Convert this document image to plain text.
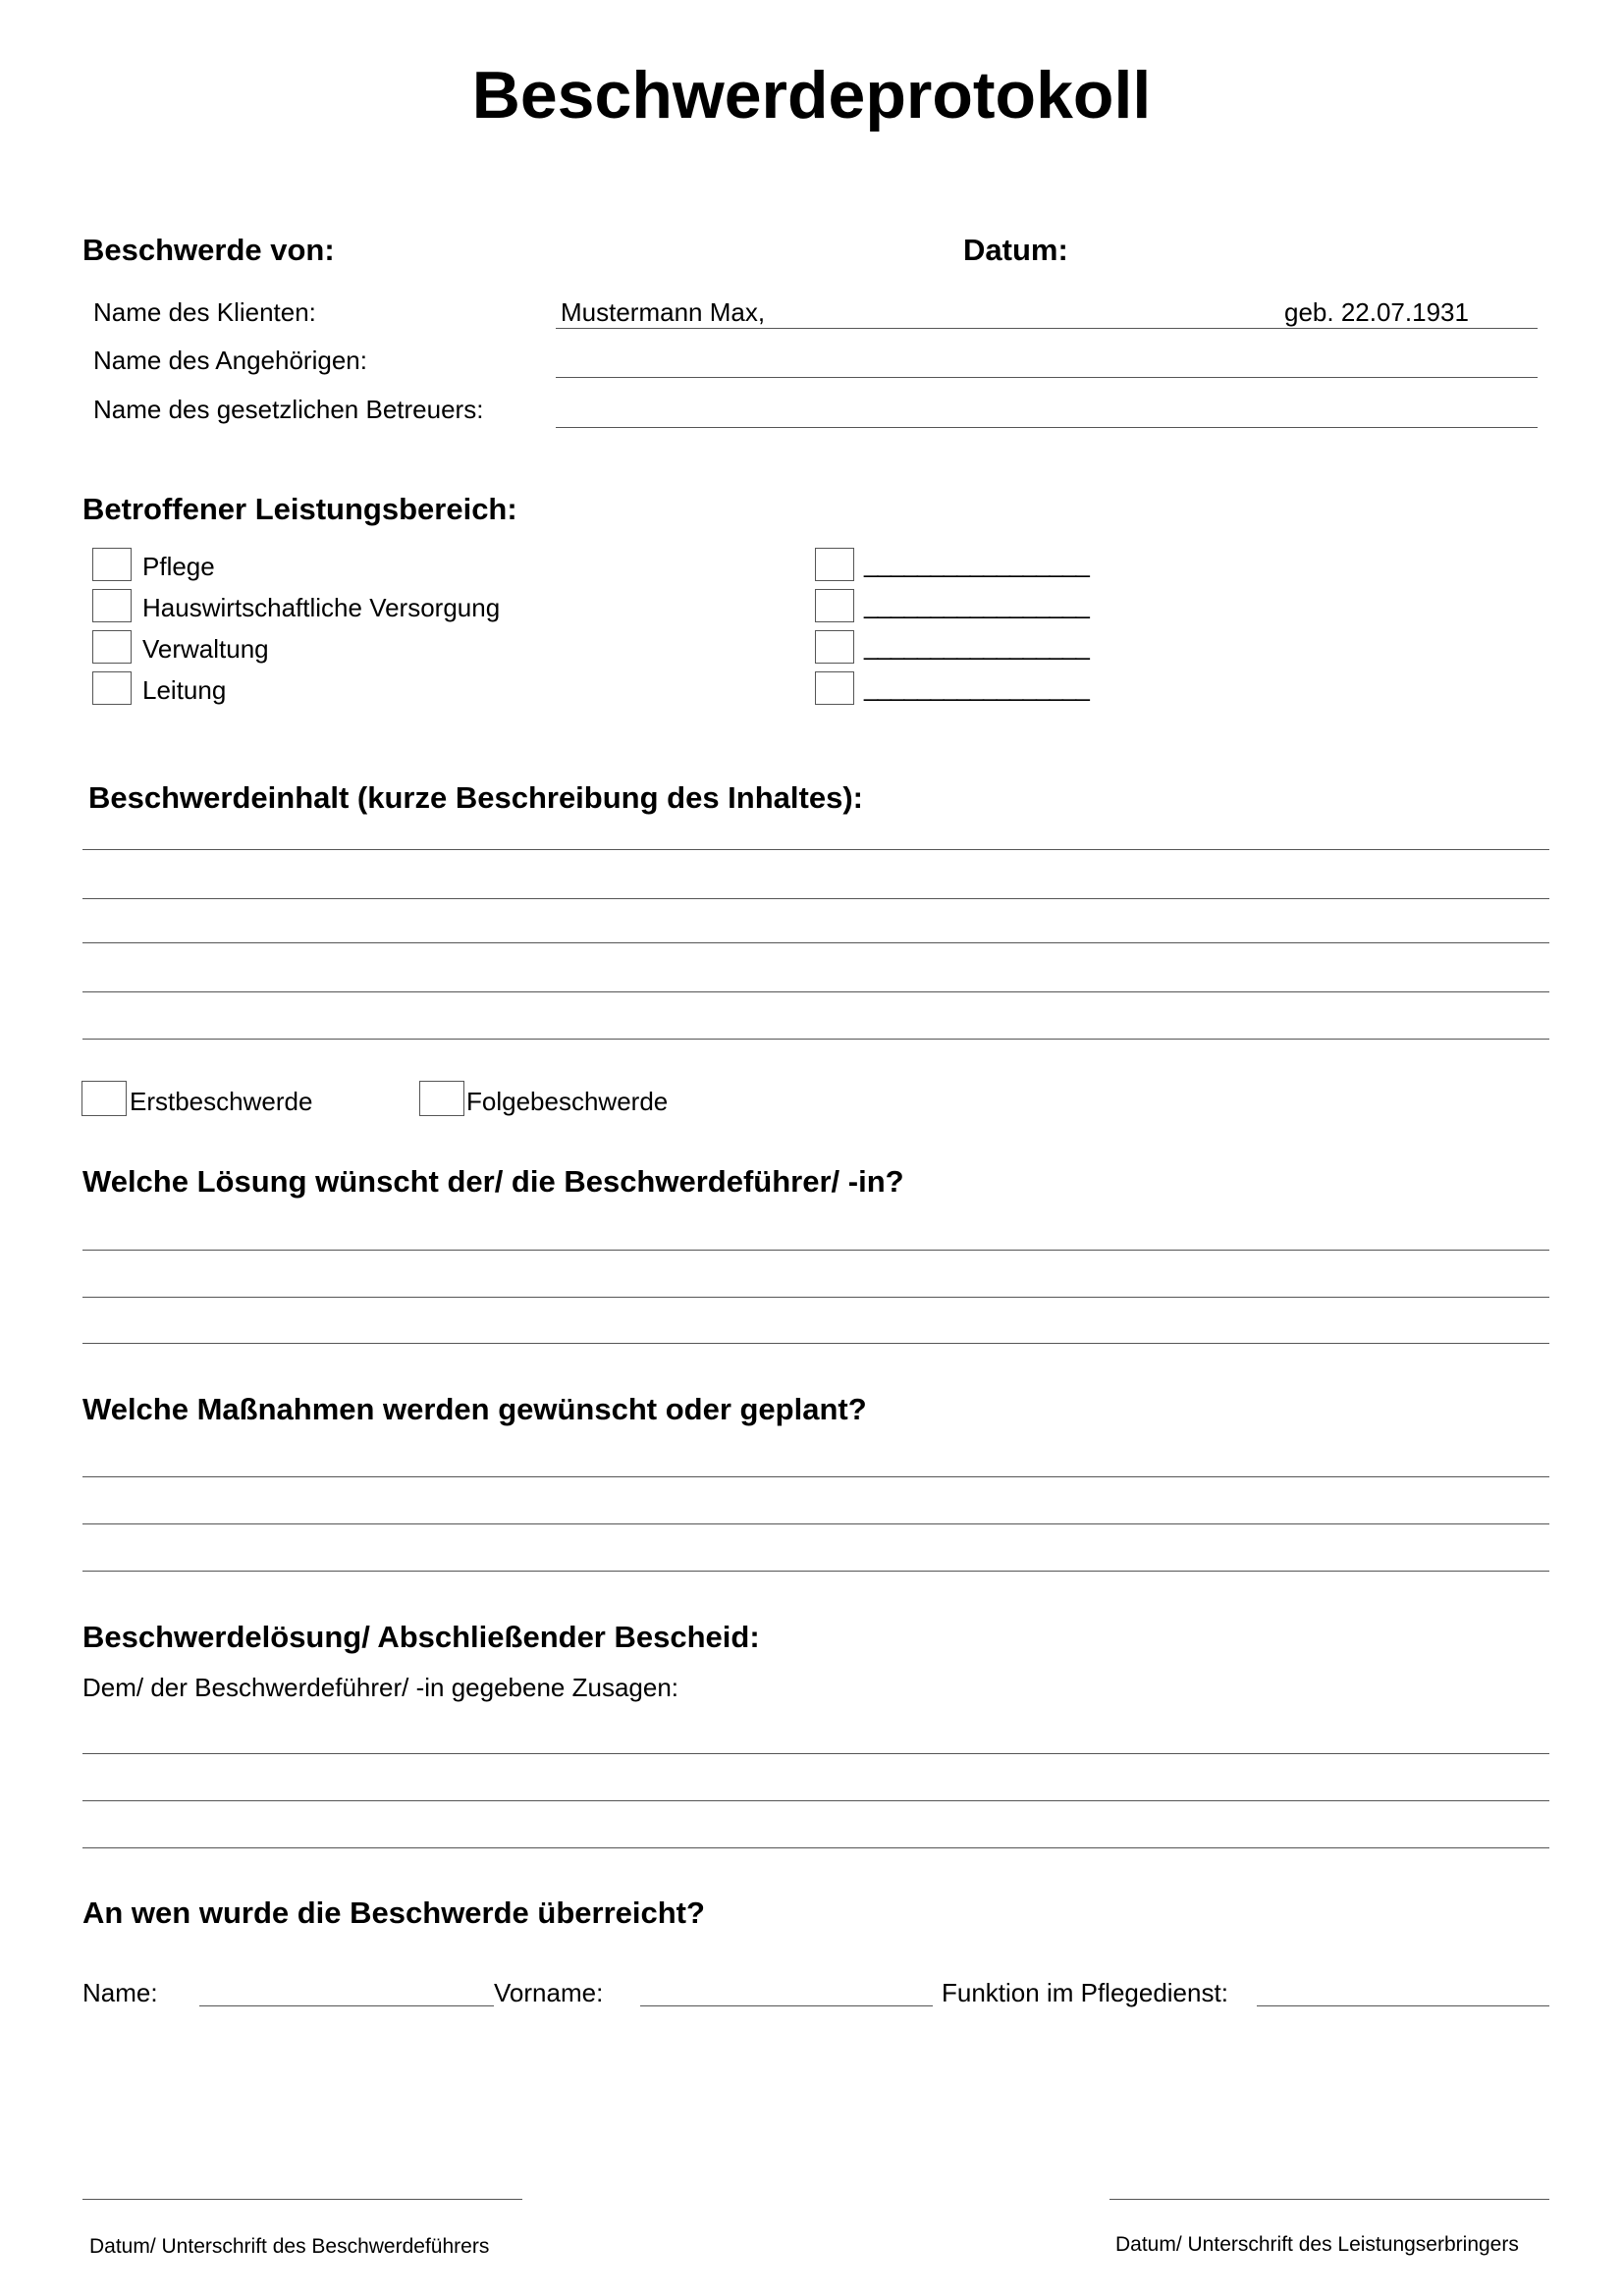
Beschwerdeprotokoll
Beschwerde von:	Datum:
Name des Klienten:	Mustermann Max,	geb. 22.07.1931
Name des Angehörigen:
Name des gesetzlichen Betreuers:
Betroffener Leistungsbereich:
Pflege
Hauswirtschaftliche Versorgung
Verwaltung
Leitung
_________________
_________________
_________________
_________________
Beschwerdeinhalt (kurze Beschreibung des Inhaltes):
Erstbeschwerde	Folgebeschwerde
Welche Lösung wünscht der/ die Beschwerdeführer/ -in?
Welche Maßnahmen werden gewünscht oder geplant?
Beschwerdelösung/ Abschließender Bescheid:
Dem/ der Beschwerdeführer/ -in gegebene Zusagen:
An wen wurde die Beschwerde überreicht?
Name:	Vorname:	Funktion im Pflegedienst:
Datum/ Unterschrift des Beschwerdeführers	Datum/ Unterschrift des Leistungserbringers
